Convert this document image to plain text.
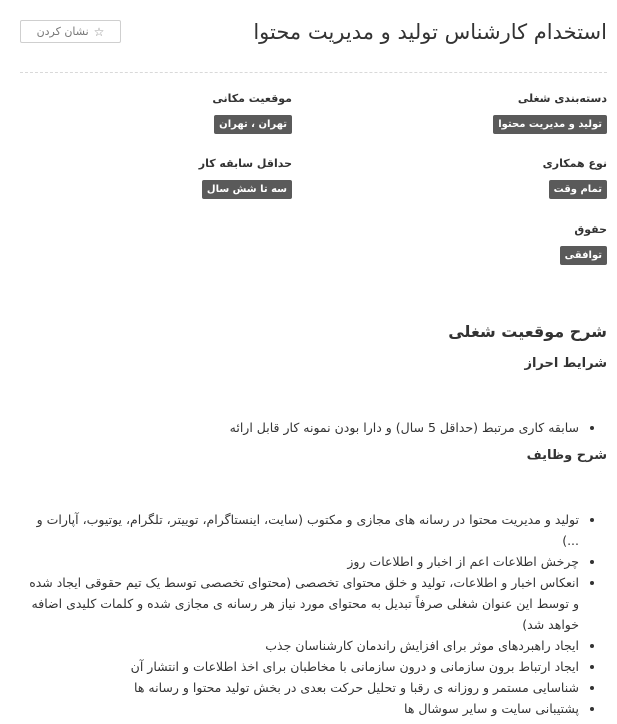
استخدام کارشناس تولید و مدیریت محتوا
☆
نشان کردن
دسته‌بندی شغلی
تولید و مدیریت محتوا
موقعیت مکانی
تهران ، تهران
نوع همکاری
تمام وقت
حداقل سابقه کار
سه تا شش سال
حقوق
توافقی
شرح موقعیت شغلی
شرایط احراز
• سابقه کاری مرتبط (حداقل 5 سال) و دارا بودن نمونه کار قابل ارائه
شرح وظایف
• تولید و مدیریت محتوا در رسانه های مجازی و مکتوب (سایت، اینستاگرام، توییتر، تلگرام، یوتیوب، آپارات و ...)
• چرخش اطلاعات اعم از اخبار و اطلاعات روز
• انعکاس اخبار و اطلاعات، تولید و خلق محتوای تخصصی (محتوای تخصصی توسط یک تیم حقوقی ایجاد شده و توسط این عنوان شغلی صرفاً تبدیل به محتوای مورد نیاز هر رسانه ی مجازی شده و کلمات کلیدی اضافه خواهد شد)
• ایجاد راهبردهای موثر برای افزایش راندمان کارشناسان جذب
• ایجاد ارتباط برون سازمانی و درون سازمانی با مخاطبان برای اخذ اطلاعات و انتشار آن
• شناسایی مستمر و روزانه ی رقبا و تحلیل حرکت بعدی در بخش تولید محتوا و رسانه ها
• پشتیبانی سایت و سایر سوشال ها
